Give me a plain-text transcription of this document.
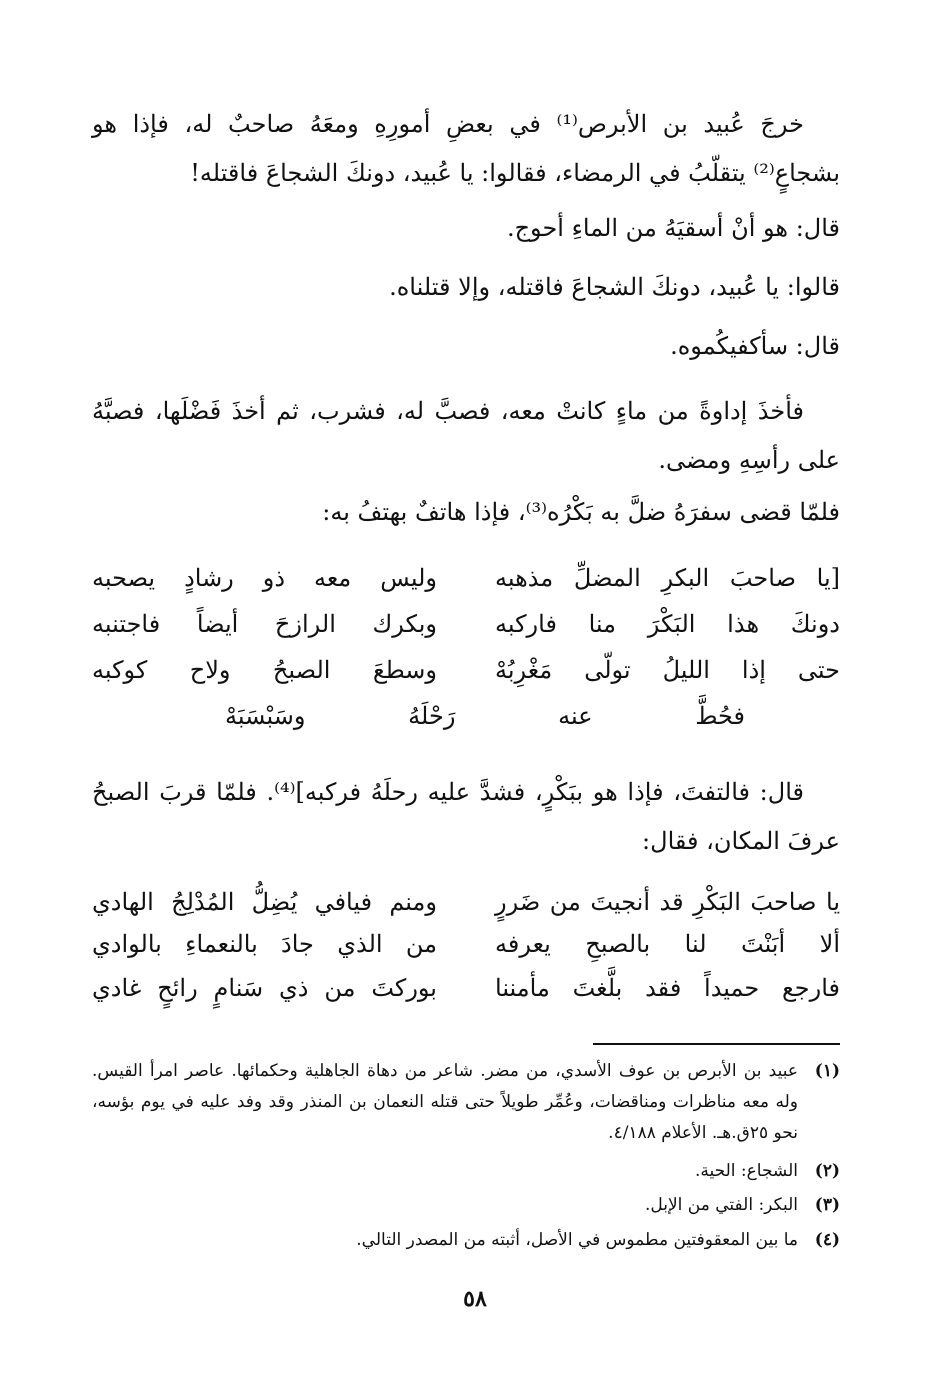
خرجَ عُبيد بن الأبرص⁽¹⁾ في بعضِ أمورِهِ ومعَهُ صاحبٌ له، فإذا هو بشجاعٍ⁽²⁾ يتقلّبُ في الرمضاء، فقالوا: يا عُبيد، دونكَ الشجاعَ فاقتله!
قال: هو أنْ أسقيَهُ من الماءِ أحوج.
قالوا: يا عُبيد، دونكَ الشجاعَ فاقتله، وإلا قتلناه.
قال: سأكفيكُموه.
فأخذَ إداوةً من ماءٍ كانتْ معه، فصبَّ له، فشرب، ثم أخذَ فَضْلَها، فصبَّهُ على رأسِهِ ومضى.
فلمّا قضى سفرَهُ ضلَّ به بَكْرُه⁽³⁾، فإذا هاتفٌ بهتفُ به:
[يا صاحبَ البكرِ المضلِّ مذهبه
وليس معه ذو رشادٍ يصحبه
دونكَ هذا البَكْرَ منا فاركبه
وبكرك الرازحَ أيضاً فاجتنبه
حتى إذا الليلُ تولّى مَغْرِبُهْ
وسطعَ الصبحُ ولاح كوكبه
فحُطَّ عنه رَحْلَهُ وسَبْسَبَهْ
قال: فالتفتَ، فإذا هو ببَكْرٍ، فشدَّ عليه رحلَهُ فركبه]⁽⁴⁾. فلمّا قربَ الصبحُ عرفَ المكان، فقال:
يا صاحبَ البَكْرِ قد أنجيتَ من ضَررٍ
ومنم فيافي يُضِلُّ المُدْلِجُ الهادي
ألا أبَنْتَ لنا بالصبحِ يعرفه
من الذي جادَ بالنعماءِ بالوادي
فارجع حميداً فقد بلَّغتَ مأمننا
بوركتَ من ذي سَنامٍ رائحٍ غادي
(١)
عبيد بن الأبرص بن عوف الأسدي، من مضر. شاعر من دهاة الجاهلية وحكمائها. عاصر امرأ القيس. وله معه مناظرات ومناقضات، وعُمِّر طويلاً حتى قتله النعمان بن المنذر وقد وفد عليه في يوم بؤسه، نحو ٢٥ق.هـ. الأعلام ٤/١٨٨.
(٢)
الشجاع: الحية.
(٣)
البكر: الفتي من الإبل.
(٤)
ما بين المعقوفتين مطموس في الأصل، أثبته من المصدر التالي.
٥٨
